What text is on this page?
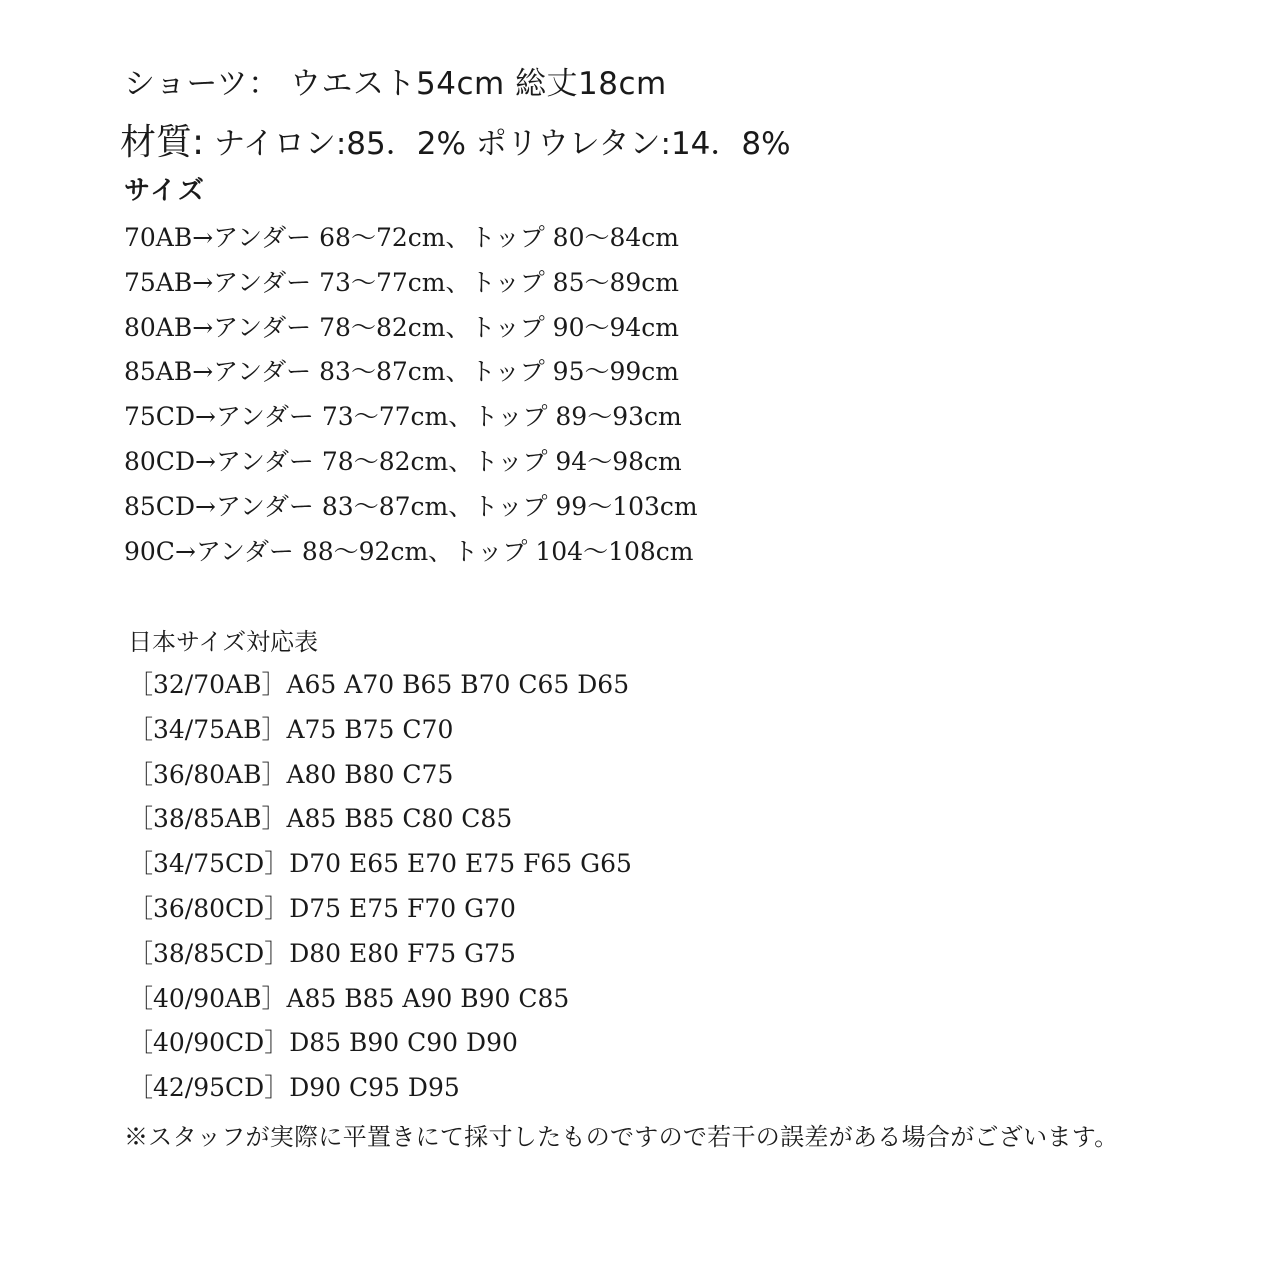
ショーツ： ウエスト54cm 総丈18cm
材質: ナイロン:85．2% ポリウレタン:14．8%
サイズ
70AB→アンダー 68〜72cm、トップ 80〜84cm
75AB→アンダー 73〜77cm、トップ 85〜89cm
80AB→アンダー 78〜82cm、トップ 90〜94cm
85AB→アンダー 83〜87cm、トップ 95〜99cm
75CD→アンダー 73〜77cm、トップ 89〜93cm
80CD→アンダー 78〜82cm、トップ 94〜98cm
85CD→アンダー 83〜87cm、トップ 99〜103cm
90C→アンダー 88〜92cm、トップ 104〜108cm
日本サイズ対応表
［32/70AB］A65 A70 B65 B70 C65 D65
［34/75AB］A75 B75 C70
［36/80AB］A80 B80 C75
［38/85AB］A85 B85 C80 C85
［34/75CD］D70 E65 E70 E75 F65 G65
［36/80CD］D75 E75 F70 G70
［38/85CD］D80 E80 F75 G75
［40/90AB］A85 B85 A90 B90 C85
［40/90CD］D85 B90 C90 D90
［42/95CD］D90 C95 D95
※スタッフが実際に平置きにて採寸したものですので若干の誤差がある場合がございます。
